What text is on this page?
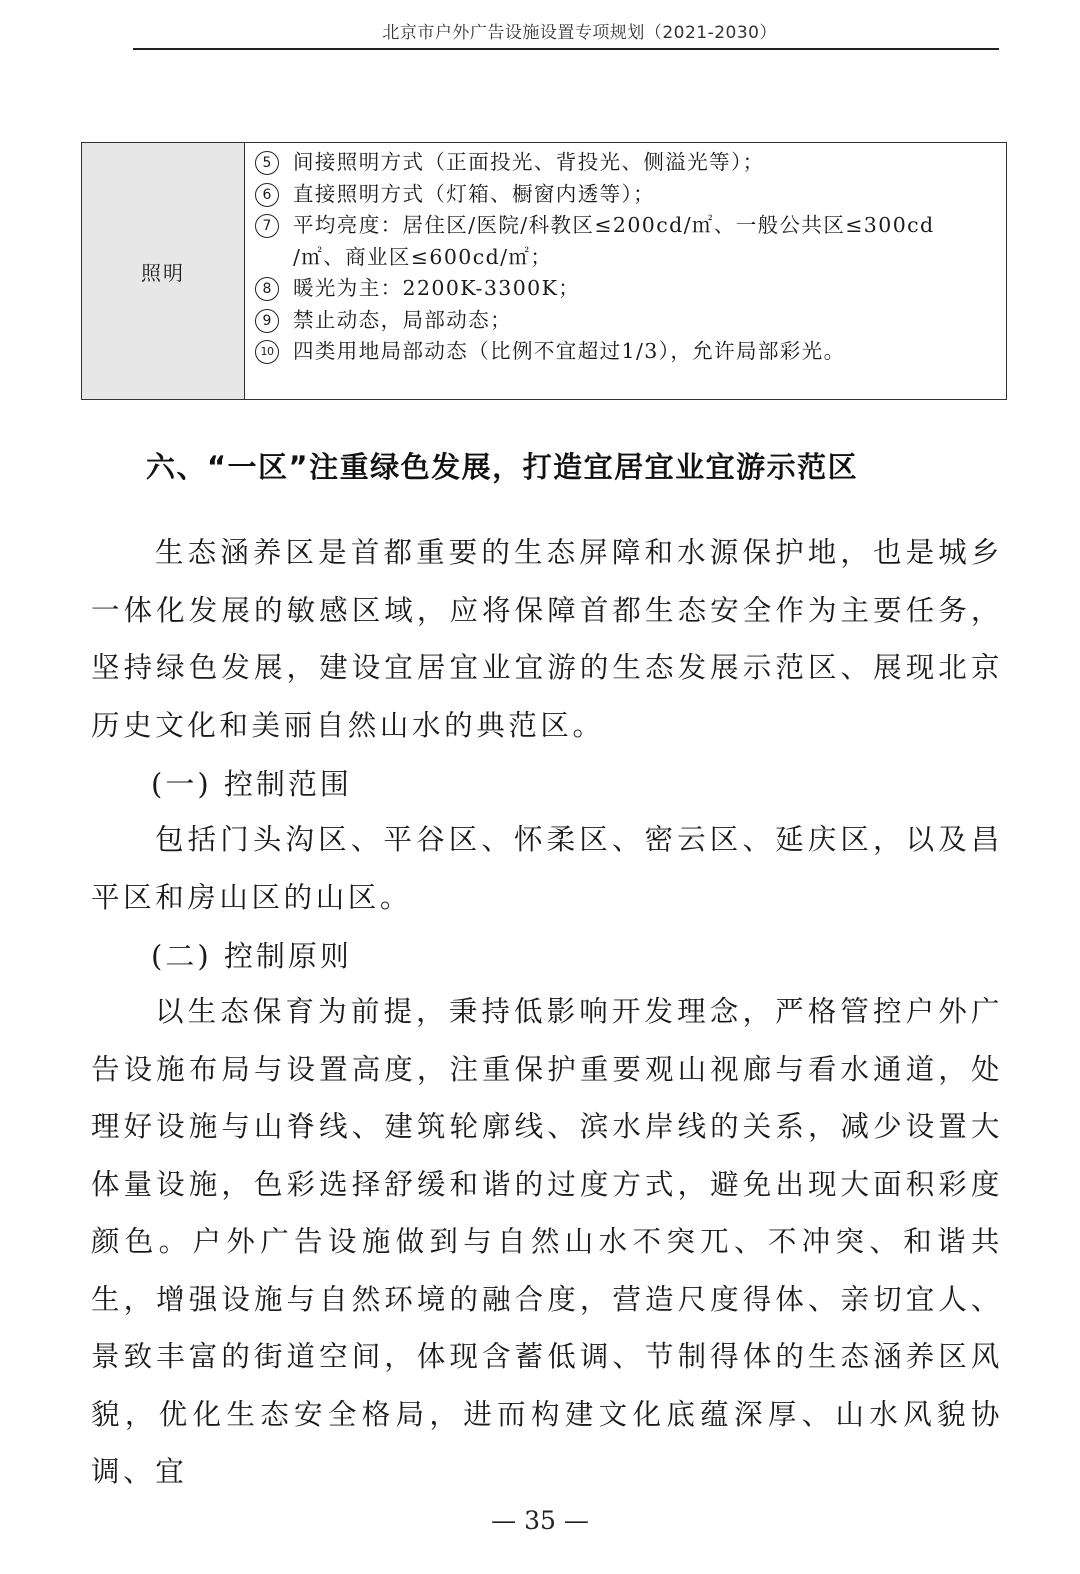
北京市户外广告设施设置专项规划（2021-2030）
照明	
5	间接照明方式（正面投光、背投光、侧溢光等）；
6	直接照明方式（灯箱、橱窗内透等）；
7	平均亮度：居住区/医院/科教区≤200cd/㎡、一般公共区≤300cd
/㎡、商业区≤600cd/㎡；
8	暖光为主：2200K-3300K；
9	禁止动态，局部动态；
10 四类用地局部动态（比例不宜超过1/3），允许局部彩光。
六、“一区”注重绿色发展，打造宜居宜业宜游示范区

生态涵养区是首都重要的生态屏障和水源保护地，也是城乡一体化发展的敏感区域，应将保障首都生态安全作为主要任务，坚持绿色发展，建设宜居宜业宜游的生态发展示范区、展现北京历史文化和美丽自然山水的典范区。

(一) 控制范围

包括门头沟区、平谷区、怀柔区、密云区、延庆区，以及昌平区和房山区的山区。

(二) 控制原则

以生态保育为前提，秉持低影响开发理念，严格管控户外广告设施布局与设置高度，注重保护重要观山视廊与看水通道，处理好设施与山脊线、建筑轮廓线、滨水岸线的关系，减少设置大体量设施，色彩选择舒缓和谐的过度方式，避免出现大面积彩度颜色。户外广告设施做到与自然山水不突兀、不冲突、和谐共生，增强设施与自然环境的融合度，营造尺度得体、亲切宜人、景致丰富的街道空间，体现含蓄低调、节制得体的生态涵养区风貌，优化生态安全格局，进而构建文化底蕴深厚、山水风貌协调、宜

— 35 —
